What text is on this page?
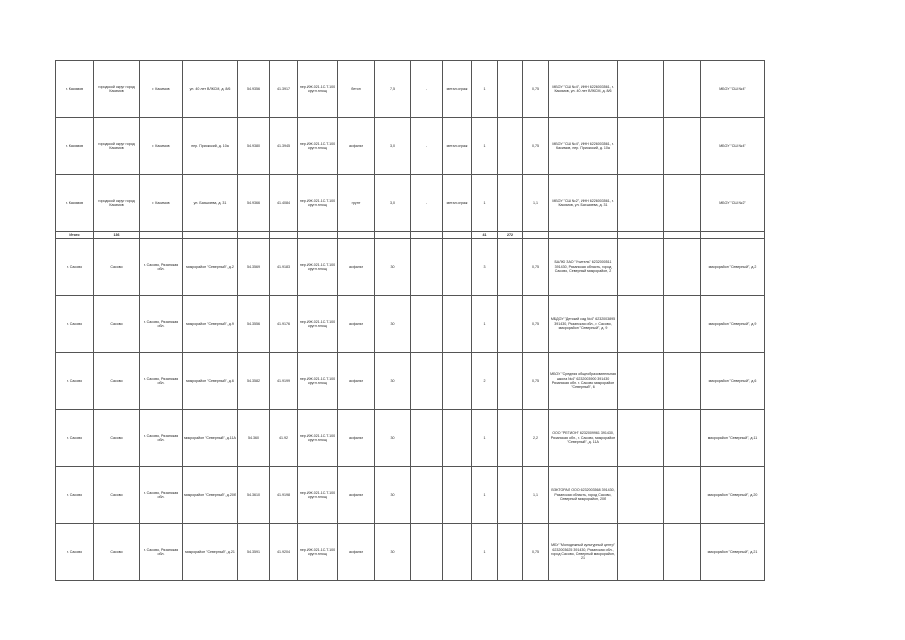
г. Касимов	городской округ город Касимов	г. Касимов	ул. 40 лет ВЛКСМ, д. 8/6	54.9356	41.3917	пер.ИЖ.021.1С.Т.100 кругл.площ	бетон	7,5	-	метал.ограж	1		0,75	МБОУ "СШ №4", ИНН 6226003561, г. Касимов, ул. 40 лет ВЛКСМ, д. 8/6			МБОУ "СШ №4"
г. Касимов	городской округ город Касимов	г. Касимов	пер. Приокский, д. 10а	54.9380	41.3945	пер.ИЖ.021.1С.Т.100 кругл.площ	асфальт	3,0	-	метал.ограж	1		0,75	МБОУ "СШ №4", ИНН 6226003561, г. Касимов, пер. Приокский, д. 10а			МБОУ "СШ №4"
г. Касимов	городской округ город Касимов	г. Касимов	ул. Бахшиева, д. 31	54.9366	41.4084	пер.ИЖ.021.1С.Т.100 кругл.площ	грунт	3,0	-	метал.ограж	1		1,1	МБОУ "СШ №2", ИНН 6226003561, г. Касимов, ул. Бахшиева, д. 31			МБОУ "СШ №2"
Итого	136										41	272					
г. Сасово	Сасово	г. Сасово, Рязанская обл.	микрорайон "Северный", д.2	54.3569	41.9183	пер.ИЖ.021.1С.Т.100 кругл.площ	асфальт	30			3		0,75	БАЛЮ ЗАО "Учитель" 6232000511 391430, Рязанская область, город Сасово, Северный микрорайон, 2			микрорайон "Северный", д.2
г. Сасово	Сасово	г. Сасово, Рязанская обл.	микрорайон "Северный", д.9	54.3556	41.9176	пер.ИЖ.021.1С.Т.100 кругл.площ	асфальт	30			1		0,75	МБДОУ "Детский сад №4" 6232003895 391430, Рязанская обл., г. Сасово, микрорайон "Северный", д. 9			микрорайон "Северный", д.9
г. Сасово	Сасово	г. Сасово, Рязанская обл.	микрорайон "Северный", д.6	54.3582	41.9199	пер.ИЖ.021.1С.Т.100 кругл.площ	асфальт	30			2		0,75	МБОУ "Средняя общеобразовательная школа №4" 6232003900 391430 Рязанская обл. г. Сасово микрорайон "Северный", 6			микрорайон "Северный", д.6
г. Сасово	Сасово	г. Сасово, Рязанская обл.	микрорайон "Северный", д.11А	54.360	41.92	пер.ИЖ.021.1С.Т.100 кругл.площ	асфальт	30			1		2,2	ООО "РЕГИОН" 6232009961 391430, Рязанская обл., г. Сасово, микрорайон "Северный", д. 11А			микрорайон "Северный", д.11
г. Сасово	Сасово	г. Сасово, Рязанская обл.	микрорайон "Северный", д.20б	54.3610	41.9198	пер.ИЖ.021.1С.Т.100 кругл.площ	асфальт	30			1		1,1	ВЭКТОРАЛ ООО 6232003568 391430, Рязанская область, город Сасово, Северный микрорайон, 20б			микрорайон "Северный", д.20
г. Сасово	Сасово	г. Сасово, Рязанская обл.	микрорайон "Северный", д.21	54.3591	41.9204	пер.ИЖ.021.1С.Т.100 кругл.площ	асфальт	30			1		0,75	МБУ "Молодежный культурный центр" 6232003625 391430, Рязанская обл., город Сасово, Северный микрорайон, 21			микрорайон "Северный", д.21
